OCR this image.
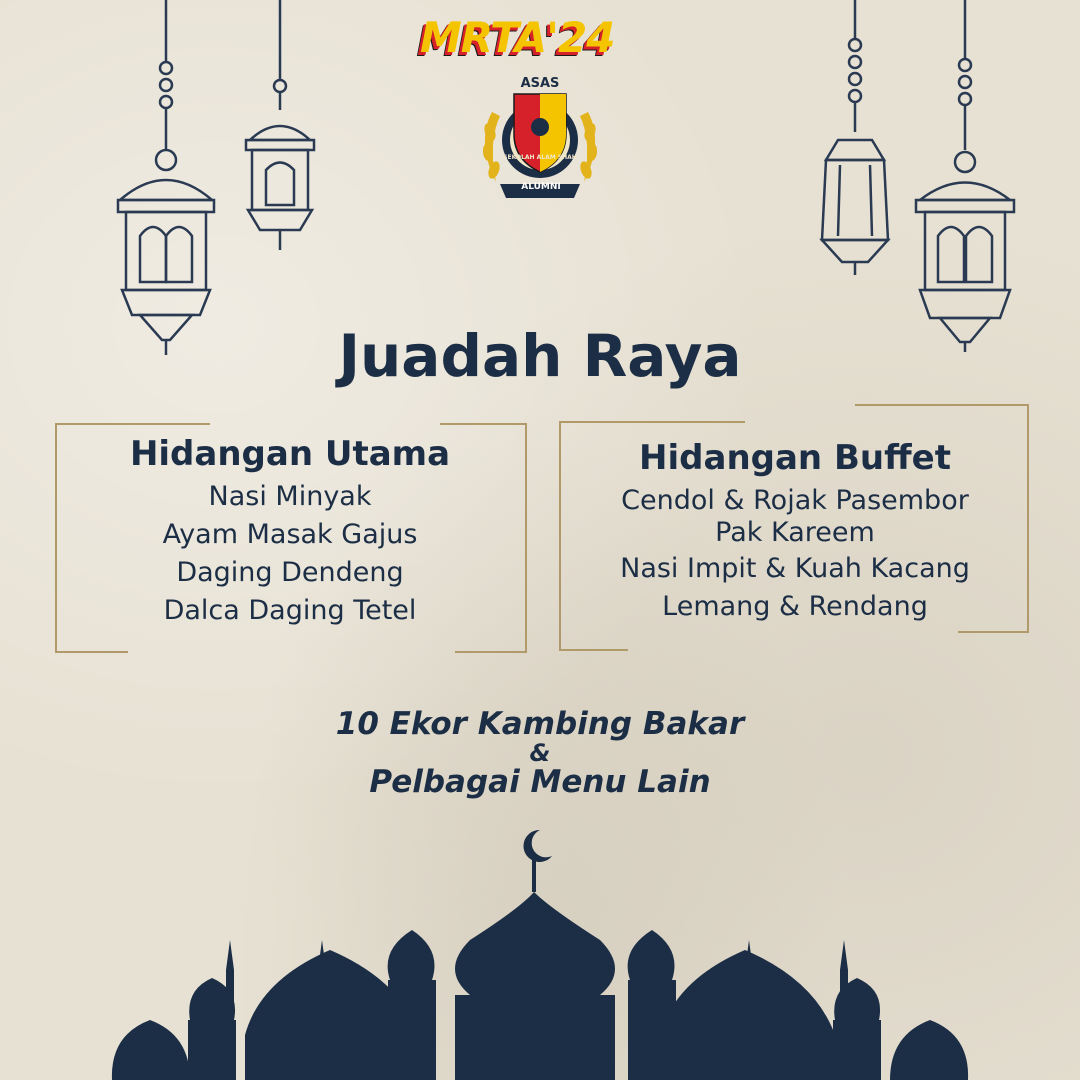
MRTA'24
ASAS
SEKOLAH ALAM SHAH
ALUMNI
Juadah Raya
Hidangan Utama
Nasi Minyak
Ayam Masak Gajus
Daging Dendeng
Dalca Daging Tetel
Hidangan Buffet
Cendol & Rojak Pasembor
Pak Kareem
Nasi Impit & Kuah Kacang
Lemang & Rendang
10 Ekor Kambing Bakar
&
Pelbagai Menu Lain
